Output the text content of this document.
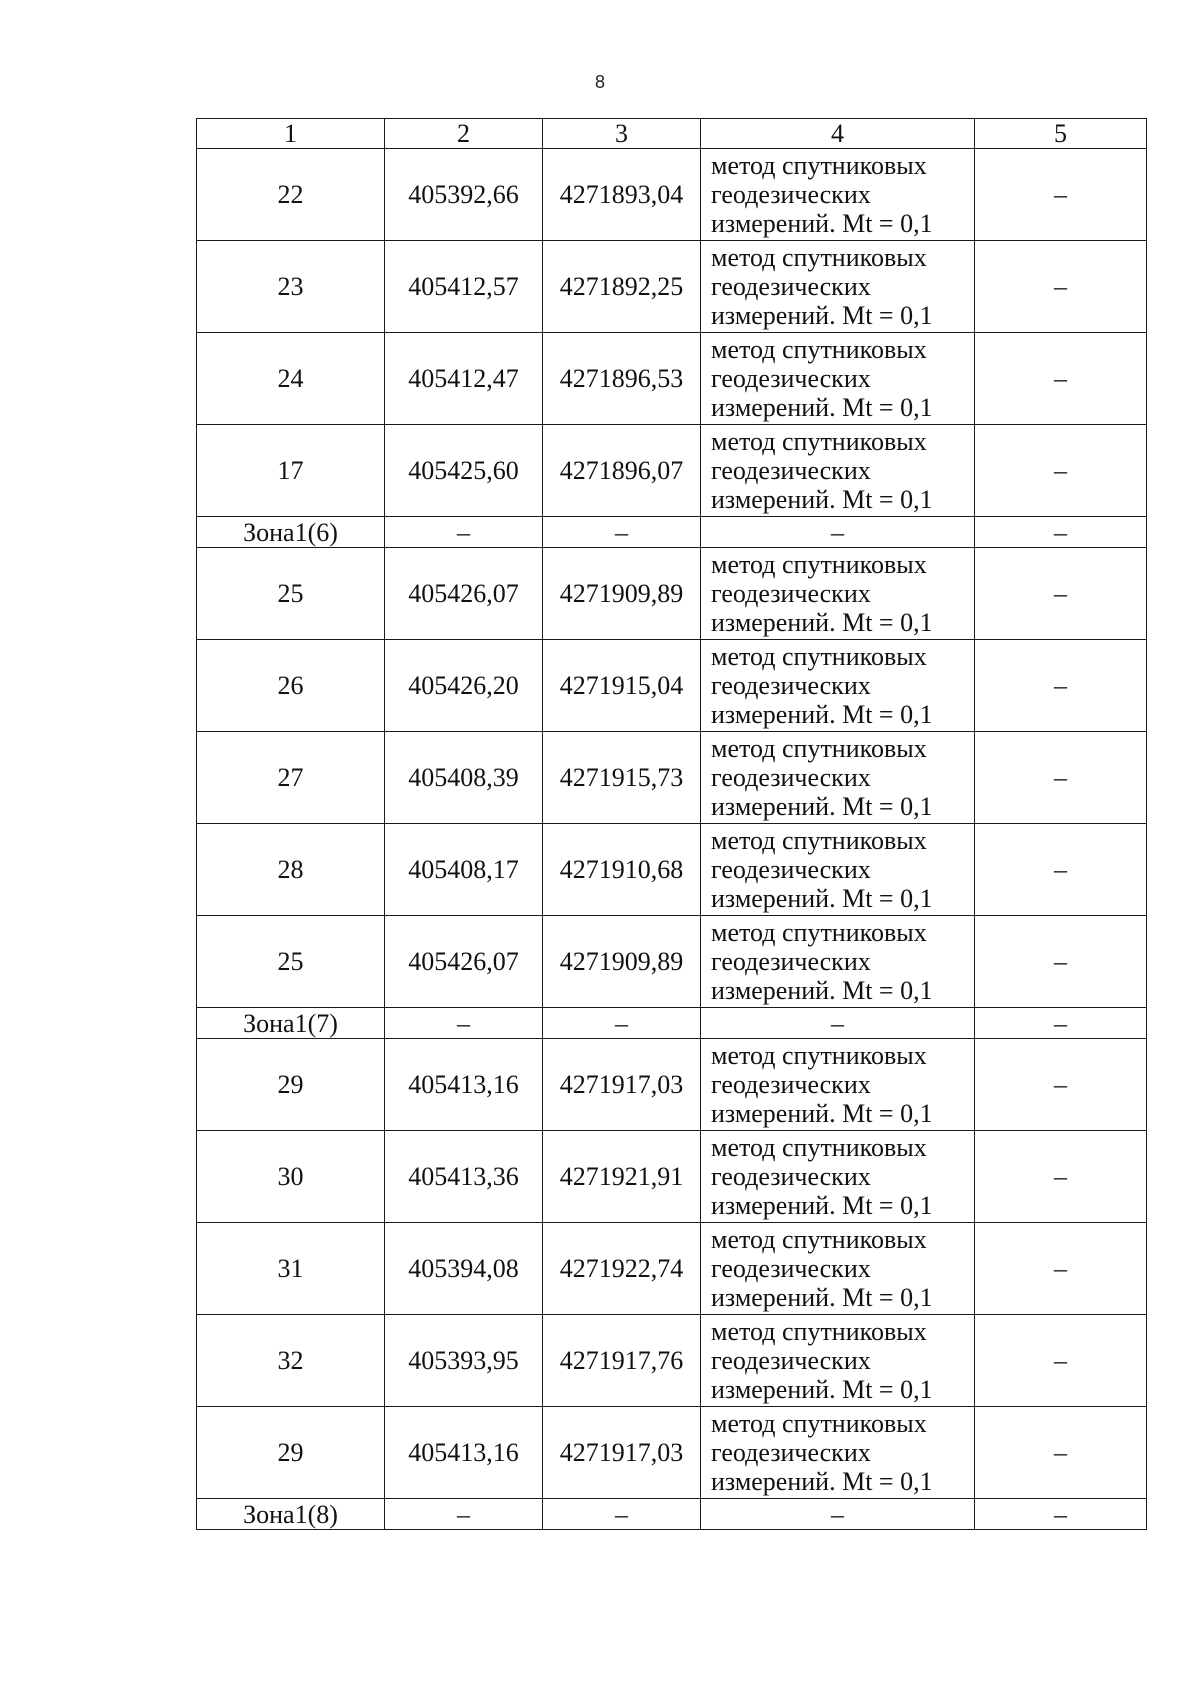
8
1	2	3	4	5
22	405392,66	4271893,04	метод спутниковых
геодезических
измерений. Mt = 0,1	–
23	405412,57	4271892,25	метод спутниковых
геодезических
измерений. Mt = 0,1	–
24	405412,47	4271896,53	метод спутниковых
геодезических
измерений. Mt = 0,1	–
17	405425,60	4271896,07	метод спутниковых
геодезических
измерений. Mt = 0,1	–
Зона1(6)	–	–	–	–
25	405426,07	4271909,89	метод спутниковых
геодезических
измерений. Mt = 0,1	–
26	405426,20	4271915,04	метод спутниковых
геодезических
измерений. Mt = 0,1	–
27	405408,39	4271915,73	метод спутниковых
геодезических
измерений. Mt = 0,1	–
28	405408,17	4271910,68	метод спутниковых
геодезических
измерений. Mt = 0,1	–
25	405426,07	4271909,89	метод спутниковых
геодезических
измерений. Mt = 0,1	–
Зона1(7)	–	–	–	–
29	405413,16	4271917,03	метод спутниковых
геодезических
измерений. Mt = 0,1	–
30	405413,36	4271921,91	метод спутниковых
геодезических
измерений. Mt = 0,1	–
31	405394,08	4271922,74	метод спутниковых
геодезических
измерений. Mt = 0,1	–
32	405393,95	4271917,76	метод спутниковых
геодезических
измерений. Mt = 0,1	–
29	405413,16	4271917,03	метод спутниковых
геодезических
измерений. Mt = 0,1	–
Зона1(8)	–	–	–	–
